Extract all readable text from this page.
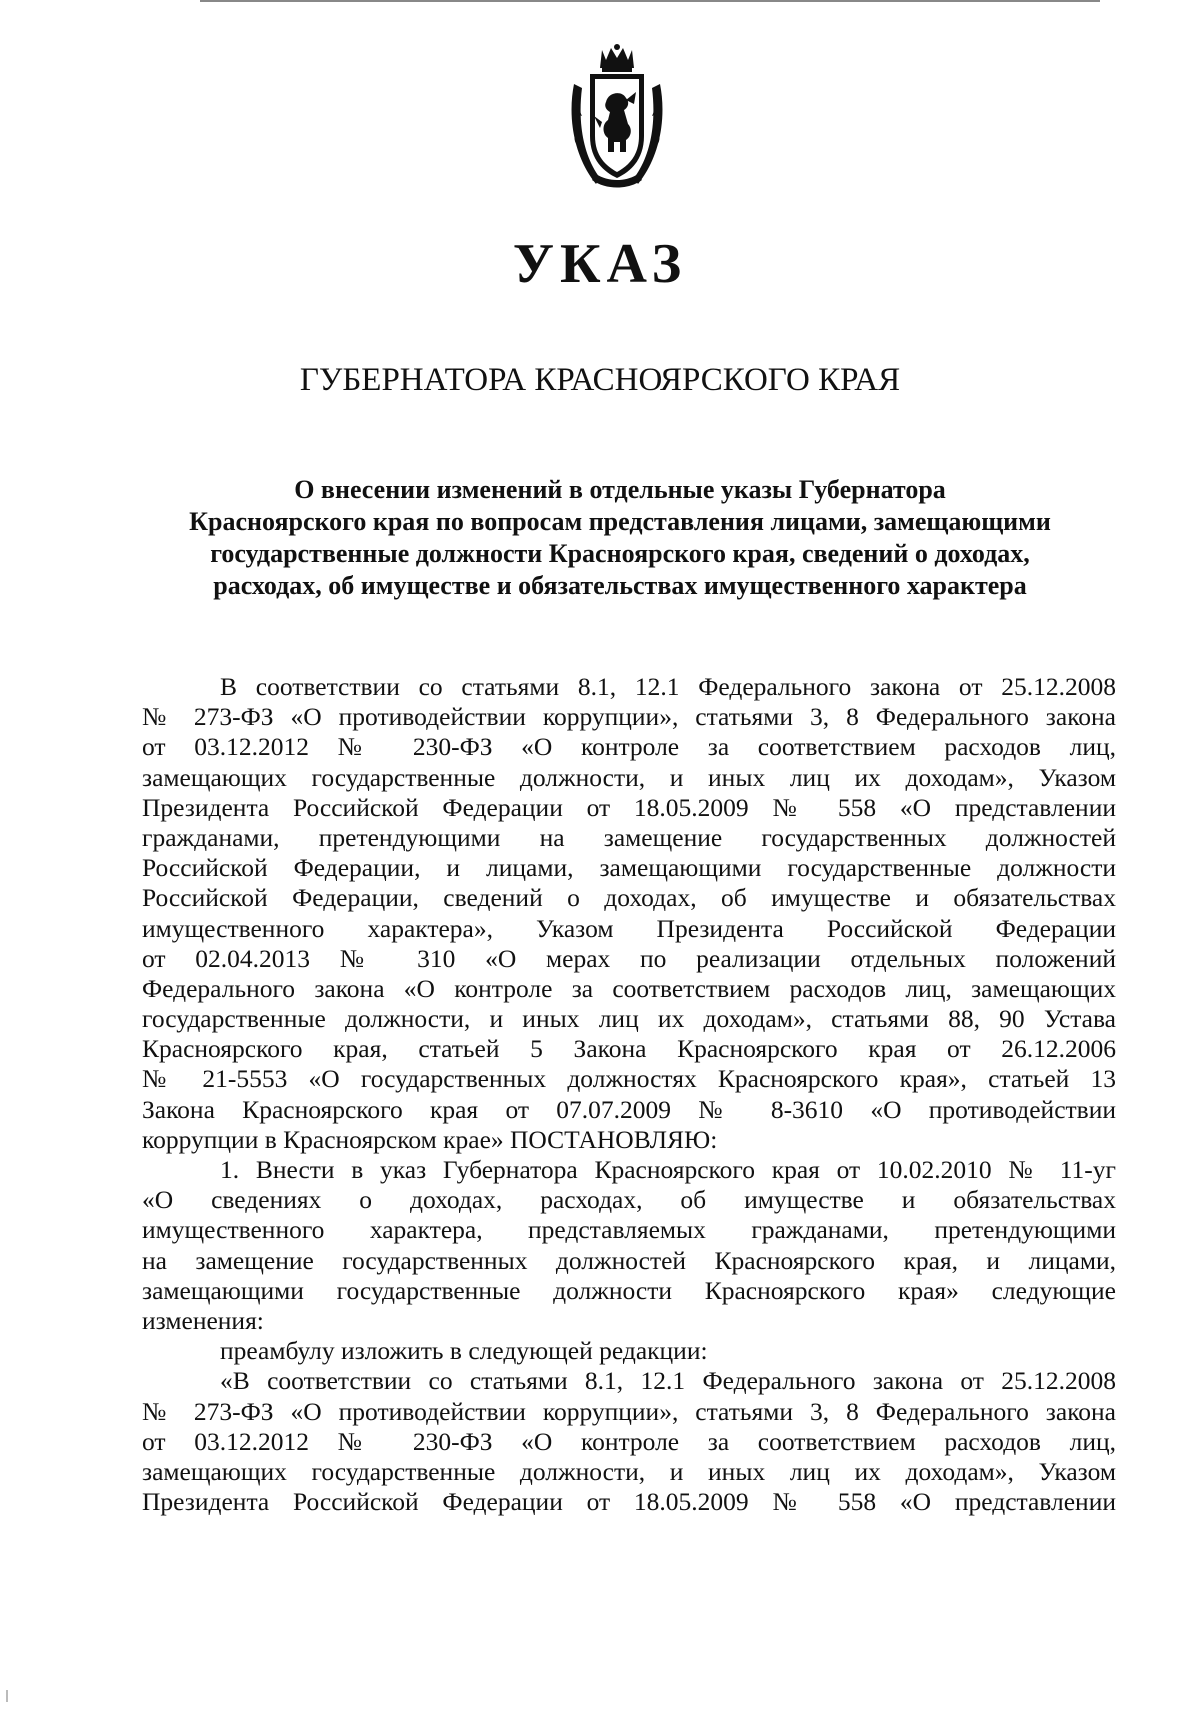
УКАЗ
ГУБЕРНАТОРА КРАСНОЯРСКОГО КРАЯ
О внесении изменений в отдельные указы Губернатора
Красноярского края по вопросам представления лицами, замещающими
государственные должности Красноярского края, сведений о доходах,
расходах, об имуществе и обязательствах имущественного характера
В соответствии со статьями 8.1, 12.1 Федерального закона от 25.12.2008
№ 273-ФЗ «О противодействии коррупции», статьями 3, 8 Федерального закона
от 03.12.2012 № 230-ФЗ «О контроле за соответствием расходов лиц,
замещающих государственные должности, и иных лиц их доходам», Указом
Президента Российской Федерации от 18.05.2009 № 558 «О представлении
гражданами, претендующими на замещение государственных должностей
Российской Федерации, и лицами, замещающими государственные должности
Российской Федерации, сведений о доходах, об имуществе и обязательствах
имущественного характера», Указом Президента Российской Федерации
от 02.04.2013 № 310 «О мерах по реализации отдельных положений
Федерального закона «О контроле за соответствием расходов лиц, замещающих
государственные должности, и иных лиц их доходам», статьями 88, 90 Устава
Красноярского края, статьей 5 Закона Красноярского края от 26.12.2006
№ 21-5553 «О государственных должностях Красноярского края», статьей 13
Закона Красноярского края от 07.07.2009 № 8-3610 «О противодействии
коррупции в Красноярском крае» ПОСТАНОВЛЯЮ:
1. Внести в указ Губернатора Красноярского края от 10.02.2010 № 11-уг
«О сведениях о доходах, расходах, об имуществе и обязательствах
имущественного характера, представляемых гражданами, претендующими
на замещение государственных должностей Красноярского края, и лицами,
замещающими государственные должности Красноярского края» следующие
изменения:
преамбулу изложить в следующей редакции:
«В соответствии со статьями 8.1, 12.1 Федерального закона от 25.12.2008
№ 273-ФЗ «О противодействии коррупции», статьями 3, 8 Федерального закона
от 03.12.2012 № 230-ФЗ «О контроле за соответствием расходов лиц,
замещающих государственные должности, и иных лиц их доходам», Указом
Президента Российской Федерации от 18.05.2009 № 558 «О представлении
